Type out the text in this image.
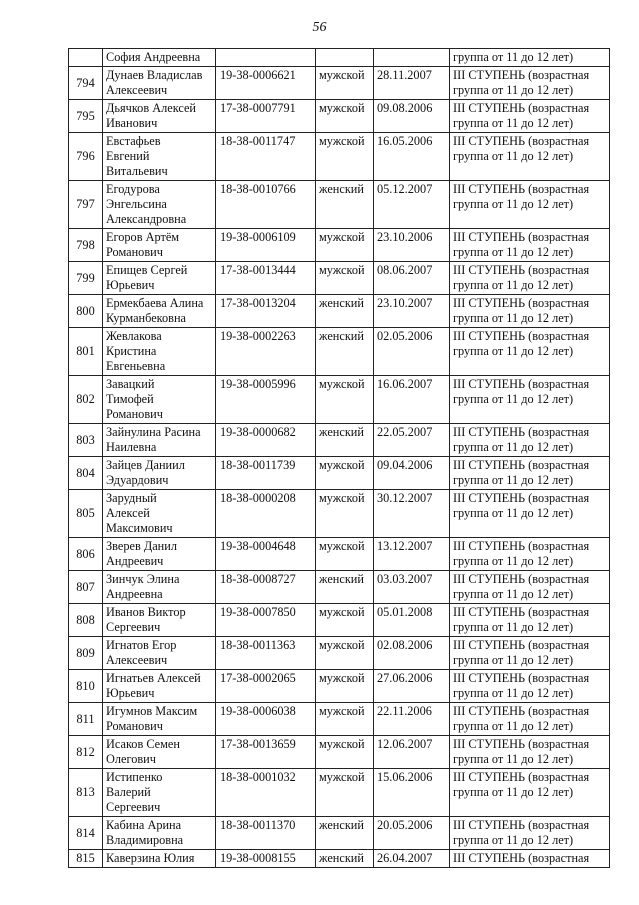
56

	София Андреевна				группа от 11 до 12 лет)

794	Дунаев Владислав
Алексеевич	19-38-0006621	мужской	28.11.2007	III СТУПЕНЬ (возрастная
группа от 11 до 12 лет)

795	Дьячков Алексей
Иванович	17-38-0007791	мужской	09.08.2006	III СТУПЕНЬ (возрастная
группа от 11 до 12 лет)

796	Евстафьев
Евгений
Витальевич	18-38-0011747	мужской	16.05.2006	III СТУПЕНЬ (возрастная
группа от 11 до 12 лет)

797	Егодурова
Энгельсина
Александровна	18-38-0010766	женский	05.12.2007	III СТУПЕНЬ (возрастная
группа от 11 до 12 лет)

798	Егоров Артём
Романович	19-38-0006109	мужской	23.10.2006	III СТУПЕНЬ (возрастная
группа от 11 до 12 лет)

799	Епищев Сергей
Юрьевич	17-38-0013444	мужской	08.06.2007	III СТУПЕНЬ (возрастная
группа от 11 до 12 лет)

800	Ермекбаева Алина
Курманбековна	17-38-0013204	женский	23.10.2007	III СТУПЕНЬ (возрастная
группа от 11 до 12 лет)

801	Жевлакова
Кристина
Евгеньевна	19-38-0002263	женский	02.05.2006	III СТУПЕНЬ (возрастная
группа от 11 до 12 лет)

802	Завацкий
Тимофей
Романович	19-38-0005996	мужской	16.06.2007	III СТУПЕНЬ (возрастная
группа от 11 до 12 лет)

803	Зайнулина Расина
Наилевна	19-38-0000682	женский	22.05.2007	III СТУПЕНЬ (возрастная
группа от 11 до 12 лет)

804	Зайцев Даниил
Эдуардович	18-38-0011739	мужской	09.04.2006	III СТУПЕНЬ (возрастная
группа от 11 до 12 лет)

805	Зарудный
Алексей
Максимович	18-38-0000208	мужской	30.12.2007	III СТУПЕНЬ (возрастная
группа от 11 до 12 лет)

806	Зверев Данил
Андреевич	19-38-0004648	мужской	13.12.2007	III СТУПЕНЬ (возрастная
группа от 11 до 12 лет)

807	Зинчук Элина
Андреевна	18-38-0008727	женский	03.03.2007	III СТУПЕНЬ (возрастная
группа от 11 до 12 лет)

808	Иванов Виктор
Сергеевич	19-38-0007850	мужской	05.01.2008	III СТУПЕНЬ (возрастная
группа от 11 до 12 лет)

809	Игнатов Егор
Алексеевич	18-38-0011363	мужской	02.08.2006	III СТУПЕНЬ (возрастная
группа от 11 до 12 лет)

810	Игнатьев Алексей
Юрьевич	17-38-0002065	мужской	27.06.2006	III СТУПЕНЬ (возрастная
группа от 11 до 12 лет)

811	Игумнов Максим
Романович	19-38-0006038	мужской	22.11.2006	III СТУПЕНЬ (возрастная
группа от 11 до 12 лет)

812	Исаков Семен
Олегович	17-38-0013659	мужской	12.06.2007	III СТУПЕНЬ (возрастная
группа от 11 до 12 лет)

813	Истипенко
Валерий
Сергеевич	18-38-0001032	мужской	15.06.2006	III СТУПЕНЬ (возрастная
группа от 11 до 12 лет)

814	Кабина Арина
Владимировна	18-38-0011370	женский	20.05.2006	III СТУПЕНЬ (возрастная
группа от 11 до 12 лет)

815	Каверзина Юлия	19-38-0008155	женский	26.04.2007	III СТУПЕНЬ (возрастная
